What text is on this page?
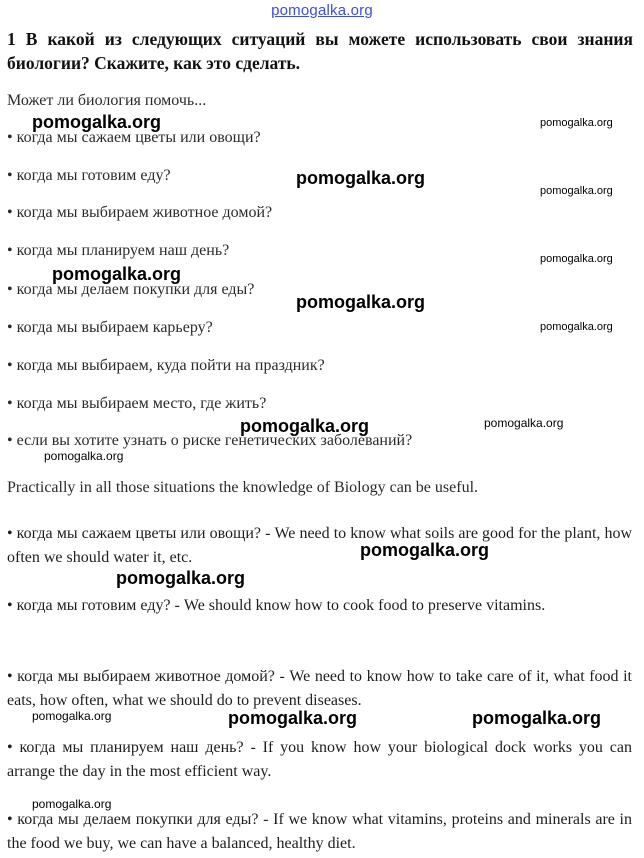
pomogalka.org
1 В какой из следующих ситуаций вы можете использовать свои знания биологии? Скажите, как это сделать.
Может ли биология помочь...
• когда мы сажаем цветы или овощи?
• когда мы готовим еду?
• когда мы выбираем животное домой?
• когда мы планируем наш день?
• когда мы делаем покупки для еды?
• когда мы выбираем карьеру?
• когда мы выбираем, куда пойти на праздник?
• когда мы выбираем место, где жить?
• если вы хотите узнать о риске генетических заболеваний?
Practically in all those situations the knowledge of Biology can be useful.

• когда мы сажаем цветы или овощи? - We need to know what soils are good for the plant, how often we should water it, etc.

• когда мы готовим еду? - We should know how to cook food to preserve vitamins.

• когда мы выбираем животное домой? - We need to know how to take care of it, what food it eats, how often, what we should do to prevent diseases.

• когда мы планируем наш день? - If you know how your biological dock works you can arrange the day in the most efficient way.

• когда мы делаем покупки для еды? - If we know what vitamins, proteins and minerals are in the food we buy, we can have a balanced, healthy diet.

pomogalka.org	pomogalka.org
pomogalka.org
pomogalka.org
pomogalka.org
pomogalka.org
pomogalka.org
pomogalka.org
pomogalka.org	pomogalka.org
pomogalka.org
pomogalka.org
pomogalka.org
pomogalka.org	pomogalka.org	pomogalka.org
pomogalka.org
